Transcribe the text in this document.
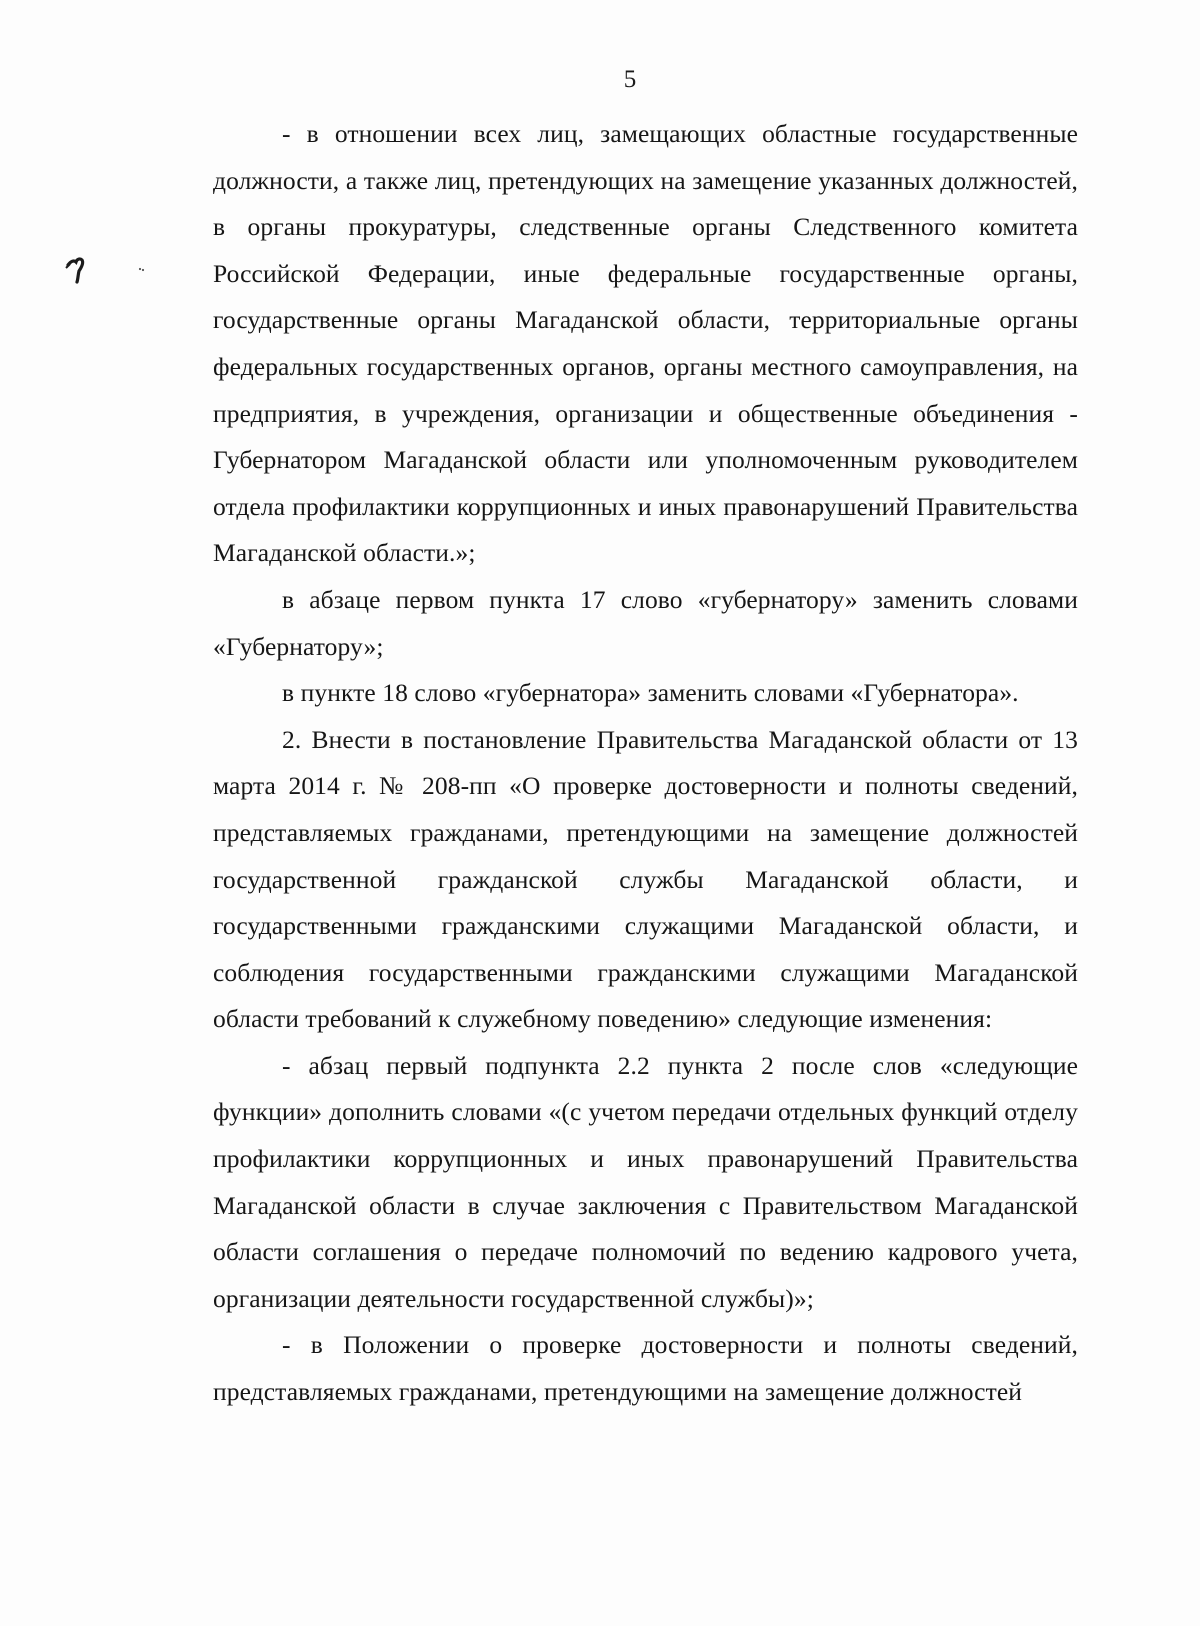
5

- в отношении всех лиц, замещающих областные государственные должности, а также лиц, претендующих на замещение указанных должностей, в органы прокуратуры, следственные органы Следственного комитета Российской Федерации, иные федеральные государственные органы, государственные органы Магаданской области, территориальные органы федеральных государственных органов, органы местного самоуправления, на предприятия, в учреждения, организации и общественные объединения - Губернатором Магаданской области или уполномоченным руководителем отдела профилактики коррупционных и иных правонарушений Правительства Магаданской области.»;

в абзаце первом пункта 17 слово «губернатору» заменить словами «Губернатору»;

в пункте 18 слово «губернатора» заменить словами «Губернатора».

2. Внести в постановление Правительства Магаданской области от 13 марта 2014 г. № 208-пп «О проверке достоверности и полноты сведений, представляемых гражданами, претендующими на замещение должностей государственной гражданской службы Магаданской области, и государственными гражданскими служащими Магаданской области, и соблюдения государственными гражданскими служащими Магаданской области требований к служебному поведению» следующие изменения:

- абзац первый подпункта 2.2 пункта 2 после слов «следующие функции» дополнить словами «(с учетом передачи отдельных функций отделу профилактики коррупционных и иных правонарушений Правительства Магаданской области в случае заключения с Правительством Магаданской области соглашения о передаче полномочий по ведению кадрового учета, организации деятельности государственной службы)»;

- в Положении о проверке достоверности и полноты сведений, представляемых гражданами, претендующими на замещение должностей
